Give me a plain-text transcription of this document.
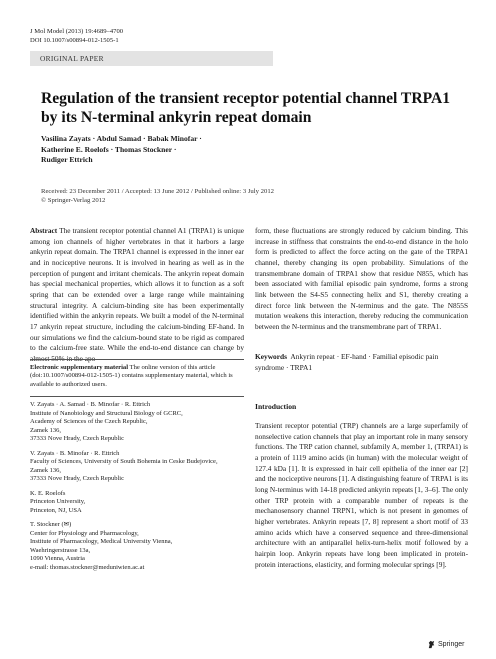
J Mol Model (2013) 19:4689–4700
DOI 10.1007/s00894-012-1505-1
ORIGINAL PAPER
Regulation of the transient receptor potential channel TRPA1 by its N-terminal ankyrin repeat domain
Vasilina Zayats · Abdul Samad · Babak Minofar ·
Katherine E. Roelofs · Thomas Stockner ·
Rudiger Ettrich
Received: 23 December 2011 / Accepted: 13 June 2012 / Published online: 3 July 2012
© Springer-Verlag 2012
Abstract The transient receptor potential channel A1 (TRPA1) is unique among ion channels of higher vertebrates in that it harbors a large ankyrin repeat domain. The TRPA1 channel is expressed in the inner ear and in nociceptive neurons. It is involved in hearing as well as in the perception of pungent and irritant chemicals. The ankyrin repeat domain has special mechanical properties, which allows it to function as a soft spring that can be extended over a large range while maintaining structural integrity. A calcium-binding site has been experimentally identified within the ankyrin repeats. We built a model of the N-terminal 17 ankyrin repeat structure, including the calcium-binding EF-hand. In our simulations we find the calcium-bound state to be rigid as compared to the calcium-free state. While the end-to-end distance can change by almost 50% in the apo
form, these fluctuations are strongly reduced by calcium binding. This increase in stiffness that constraints the end-to-end distance in the holo form is predicted to affect the force acting on the gate of the TRPA1 channel, thereby changing its open probability. Simulations of the transmembrane domain of TRPA1 show that residue N855, which has been associated with familial episodic pain syndrome, forms a strong link between the S4-S5 connecting helix and S1, thereby creating a direct force link between the N-terminus and the gate. The N855S mutation weakens this interaction, thereby reducing the communication between the N-terminus and the transmembrane part of TRPA1.
Keywords Ankyrin repeat · EF-hand · Familial episodic pain syndrome · TRPA1
Electronic supplementary material The online version of this article (doi:10.1007/s00894-012-1505-1) contains supplementary material, which is available to authorized users.
V. Zayats · A. Samad · B. Minofar · R. Ettrich
Institute of Nanobiology and Structural Biology of GCRC,
Academy of Sciences of the Czech Republic,
Zamek 136,
37333 Nove Hrady, Czech Republic
V. Zayats · B. Minofar · R. Ettrich
Faculty of Sciences, University of South Bohemia in Ceske Budejovice,
Zamek 136,
37333 Nove Hrady, Czech Republic
K. E. Roelofs
Princeton University,
Princeton, NJ, USA
T. Stockner (✉)
Center for Physiology and Pharmacology,
Institute of Pharmacology, Medical University Vienna,
Waehringerstrasse 13a,
1090 Vienna, Austria
e-mail: thomas.stockner@meduniwien.ac.at
Introduction
Transient receptor potential (TRP) channels are a large superfamily of nonselective cation channels that play an important role in many sensory functions. The TRP cation channel, subfamily A, member 1, (TRPA1) is a protein of 1119 amino acids (in human) with the molecular weight of 127.4 kDa [1]. It is expressed in hair cell epithelia of the inner ear [2] and the nociceptive neurons [1]. A distinguishing feature of TRPA1 is its long N-terminus with 14-18 predicted ankyrin repeats [1, 3–6]. The only other TRP protein with a comparable number of repeats is the mechanosensory channel TRPN1, which is not present in genomes of higher vertebrates. Ankyrin repeats [7, 8] represent a short motif of 33 amino acids which have a conserved sequence and three-dimensional architecture with an antiparallel helix-turn-helix motif followed by a hairpin loop. Ankyrin repeats have long been implicated in protein-protein interactions, elasticity, and forming molecular springs [9].
Springer
